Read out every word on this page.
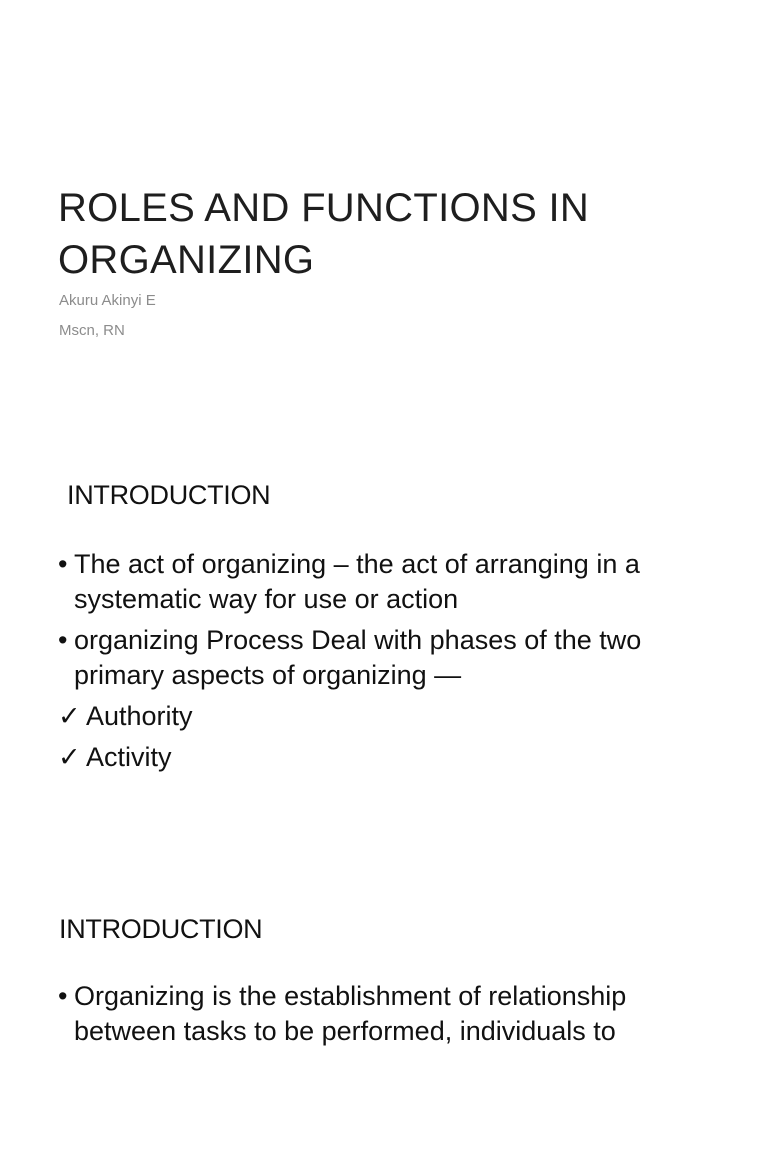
ROLES AND FUNCTIONS IN ORGANIZING
Akuru Akinyi E
Mscn, RN
INTRODUCTION
• The act of organizing – the act of arranging in a systematic way for use or action
• organizing Process Deal with phases of the two primary aspects of organizing —
✓ Authority
✓ Activity
INTRODUCTION
• Organizing is the establishment of relationship between tasks to be performed, individuals to
